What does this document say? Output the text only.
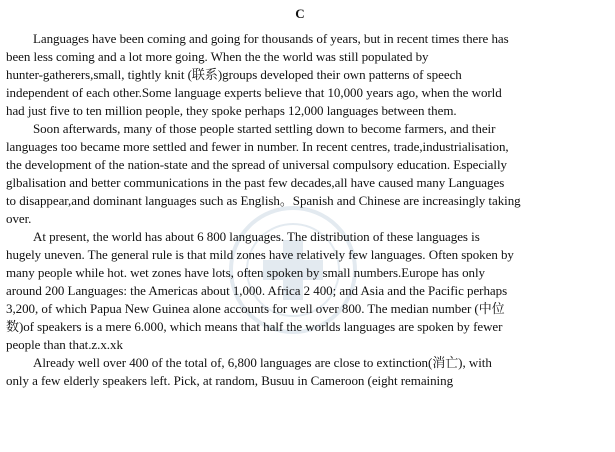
C
Languages have been coming and going for thousands of years, but in recent times there has
been less coming and a lot more going. When the the world was still populated by
hunter-gatherers,small, tightly knit (联系)groups developed their own patterns of speech
independent of each other.Some language experts believe that 10,000 years ago, when the world
had just five to ten million people, they spoke perhaps 12,000 languages between them.
Soon afterwards, many of those people started settling down to become farmers, and their
languages too became more settled and fewer in number. In recent centres, trade,industrialisation,
the development of the nation-state and the spread of universal compulsory education. Especially
glbalisation and better communications in the past few decades,all have caused many Languages
to disappear,and dominant languages such as English。Spanish and Chinese are increasingly taking
over.
At present, the world has about 6 800 languages. The distribution of these languages is
hugely uneven. The general rule is that mild zones have relatively few languages. Often spoken by
many people while hot. wet zones have lots, often spoken by small numbers.Europe has only
around 200 Languages: the Americas about 1,000. Africa 2 400; and Asia and the Pacific perhaps
3,200, of which Papua New Guinea alone accounts for well over 800. The median number (中位
数)of speakers is a mere 6.000, which means that half the worlds languages are spoken by fewer
people than that.z.x.xk
Already well over 400 of the total of, 6,800 languages are close to extinction(消亡), with
only a few elderly speakers left. Pick, at random, Busuu in Cameroon (eight remaining
